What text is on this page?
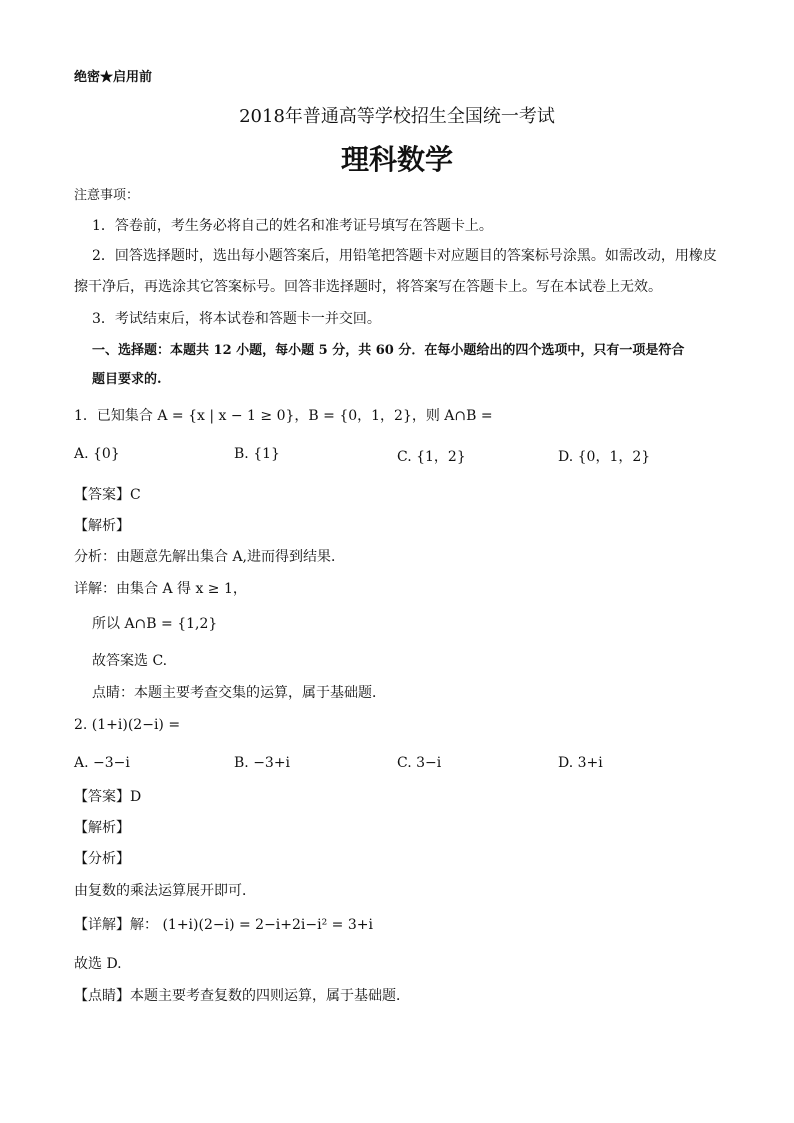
绝密★启用前
2018年普通高等学校招生全国统一考试
理科数学
注意事项：
1．答卷前，考生务必将自己的姓名和准考证号填写在答题卡上。
2．回答选择题时，选出每小题答案后，用铅笔把答题卡对应题目的答案标号涂黑。如需改动，用橡皮
擦干净后，再选涂其它答案标号。回答非选择题时，将答案写在答题卡上。写在本试卷上无效。
3．考试结束后，将本试卷和答题卡一并交回。
一、选择题：本题共 12 小题，每小题 5 分，共 60 分．在每小题给出的四个选项中，只有一项是符合
题目要求的.
1．已知集合 A = {x | x − 1 ≥ 0}，B = {0，1，2}，则 A∩B =
A. {0}	B. {1}	C. {1，2}	D. {0，1，2}
【答案】C
【解析】
分析：由题意先解出集合 A,进而得到结果．
详解：由集合 A 得 x ≥ 1，
所以 A∩B = {1,2}
故答案选 C.
点睛：本题主要考查交集的运算，属于基础题．
2. (1+i)(2−i) =
A. −3−i	B. −3+i	C. 3−i	D. 3+i
【答案】D
【解析】
【分析】
由复数的乘法运算展开即可．
【详解】解： (1+i)(2−i) = 2−i+2i−i² = 3+i
故选 D.
【点睛】本题主要考查复数的四则运算，属于基础题．
